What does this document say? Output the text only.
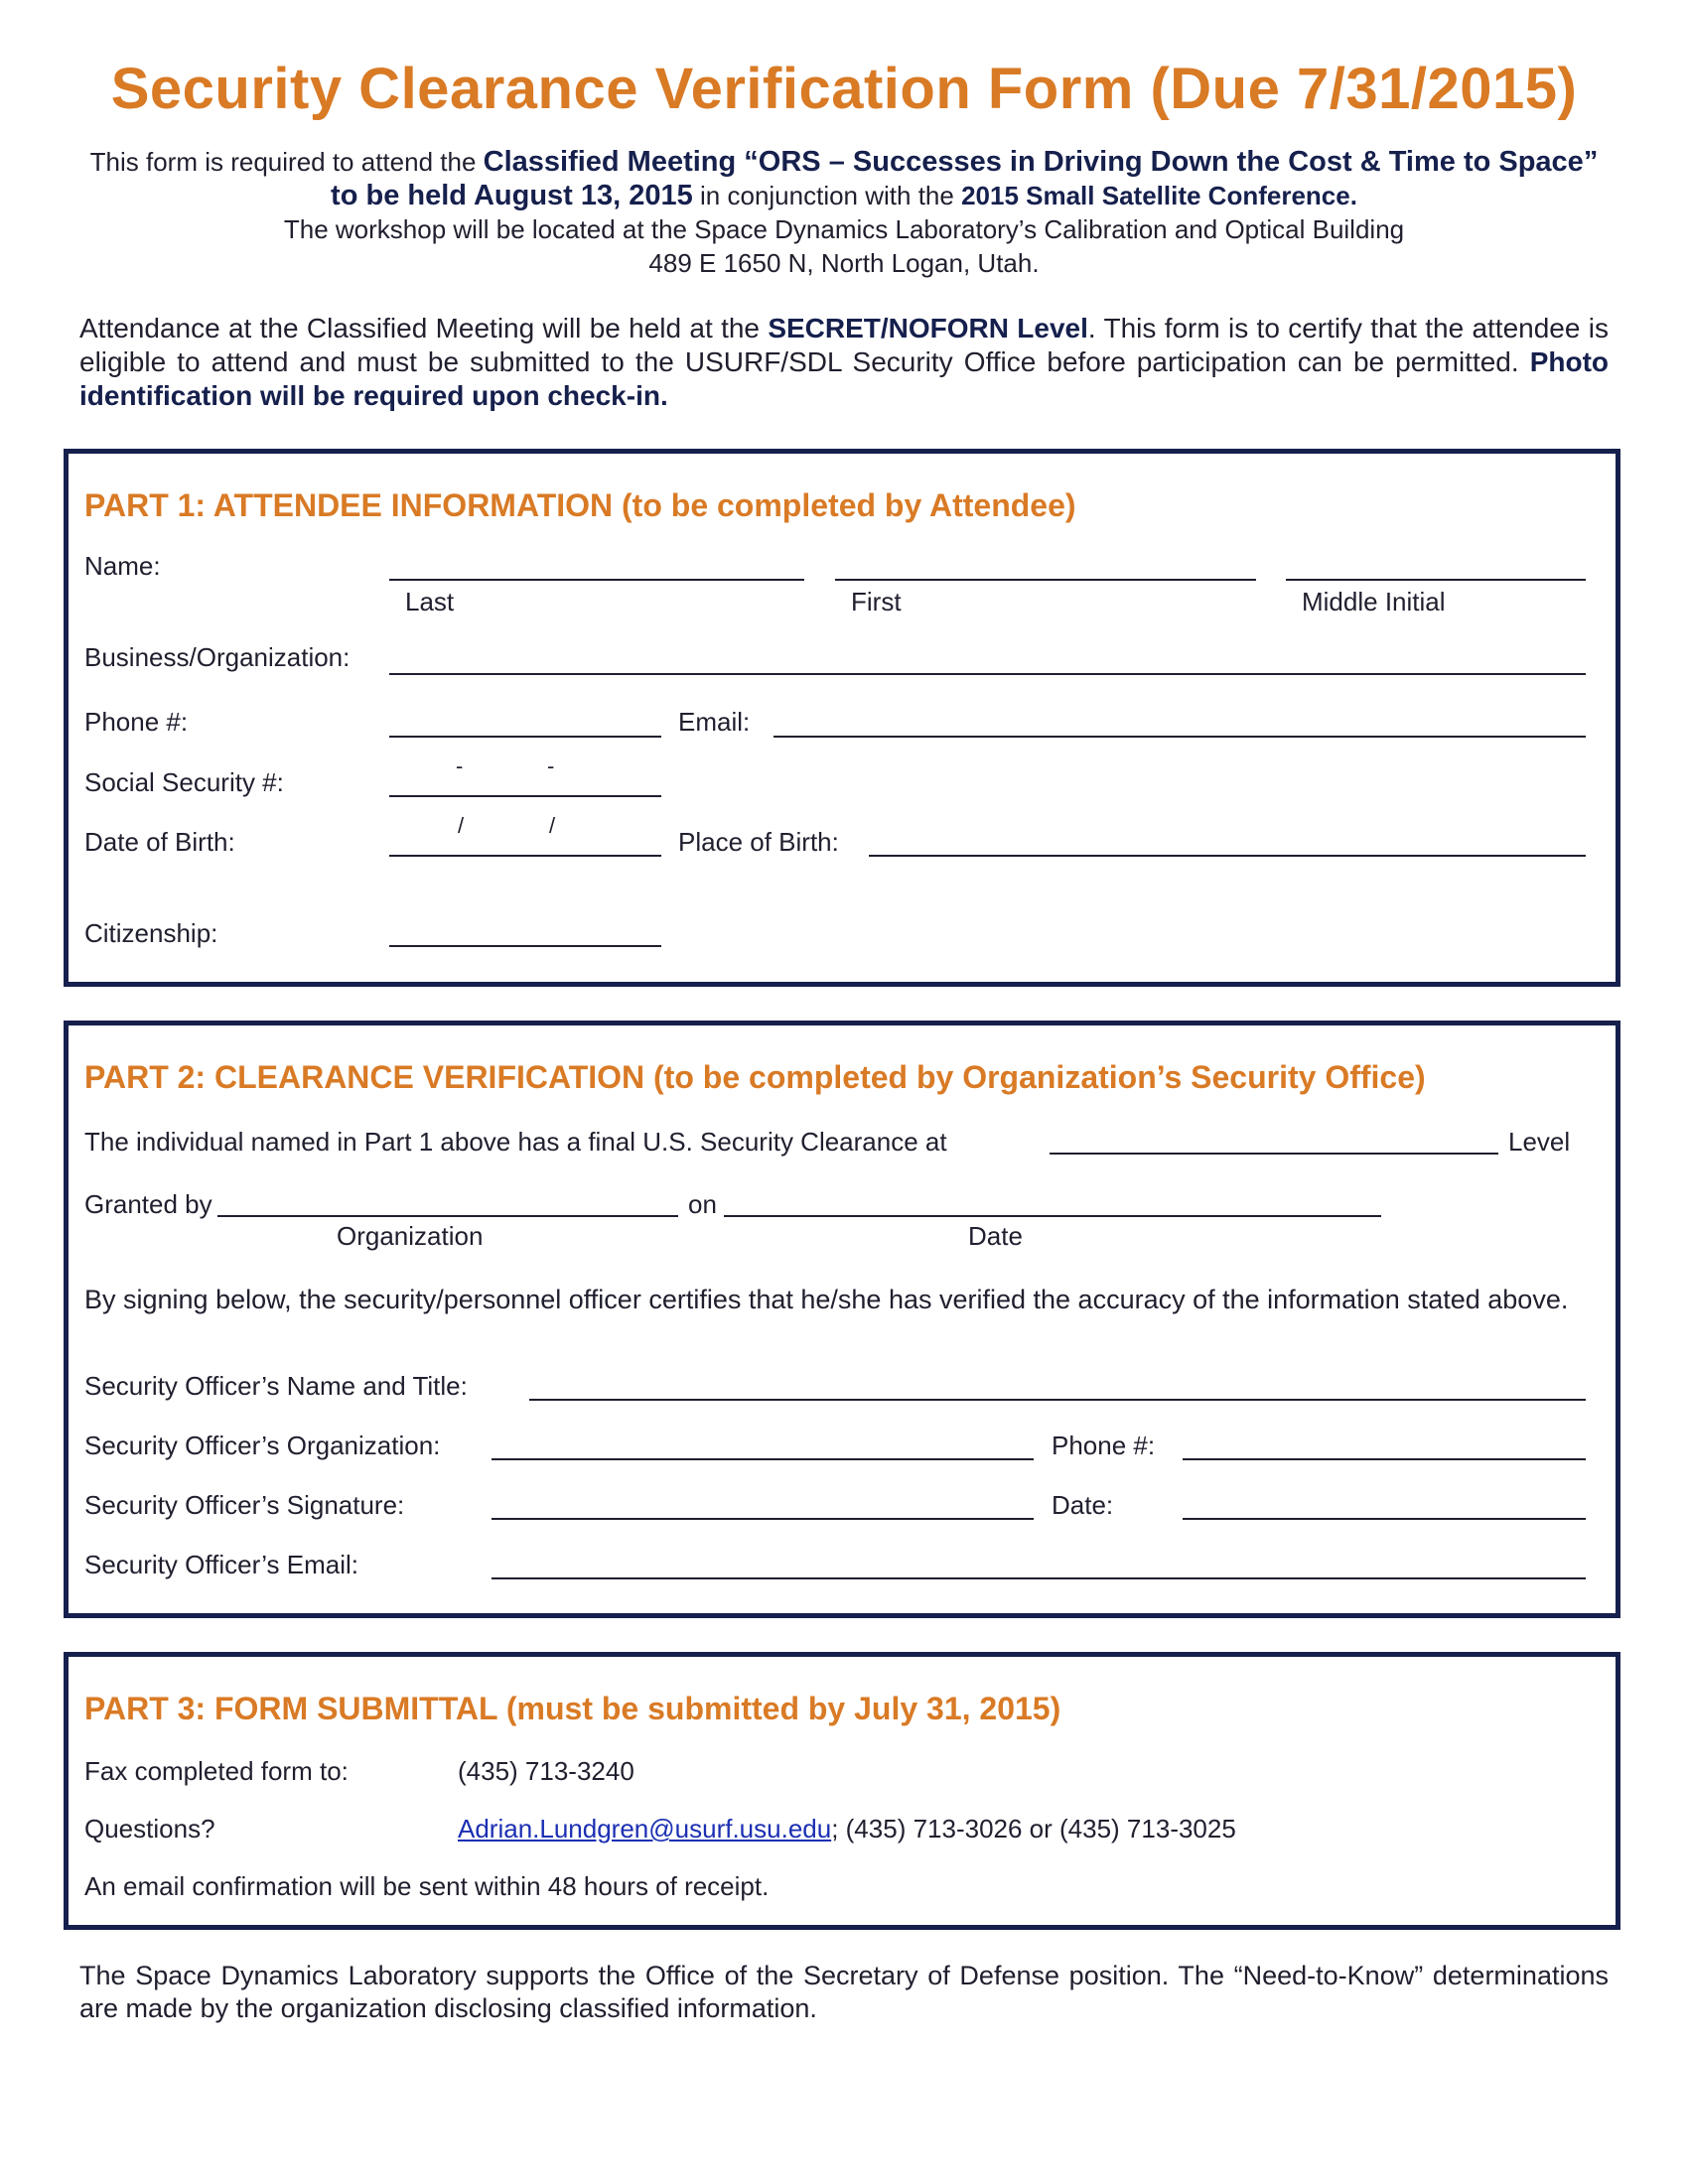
Security Clearance Verification Form (Due 7/31/2015)
This form is required to attend the Classified Meeting “ORS – Successes in Driving Down the Cost & Time to Space” to be held August 13, 2015 in conjunction with the 2015 Small Satellite Conference.
The workshop will be located at the Space Dynamics Laboratory’s Calibration and Optical Building
489 E 1650 N, North Logan, Utah.
Attendance at the Classified Meeting will be held at the SECRET/NOFORN Level. This form is to certify that the attendee is eligible to attend and must be submitted to the USURF/SDL Security Office before participation can be permitted. Photo identification will be required upon check-in.
PART 1: ATTENDEE INFORMATION (to be completed by Attendee)
Name:
Last	First	Middle Initial
Business/Organization:
Phone #:	Email:
Social Security #:
-	-
Date of Birth:
/	/
Place of Birth:
Citizenship:
PART 2: CLEARANCE VERIFICATION (to be completed by Organization’s Security Office)
The individual named in Part 1 above has a final U.S. Security Clearance at	Level
Granted by	on
Organization	Date
By signing below, the security/personnel officer certifies that he/she has verified the accuracy of the information stated above.
Security Officer’s Name and Title:
Security Officer’s Organization:	Phone #:
Security Officer’s Signature:	Date:
Security Officer’s Email:
PART 3: FORM SUBMITTAL (must be submitted by July 31, 2015)
Fax completed form to:	(435) 713-3240
Questions?	Adrian.Lundgren@usurf.usu.edu; (435) 713-3026 or (435) 713-3025
An email confirmation will be sent within 48 hours of receipt.
The Space Dynamics Laboratory supports the Office of the Secretary of Defense position. The “Need-to-Know” determinations are made by the organization disclosing classified information.
